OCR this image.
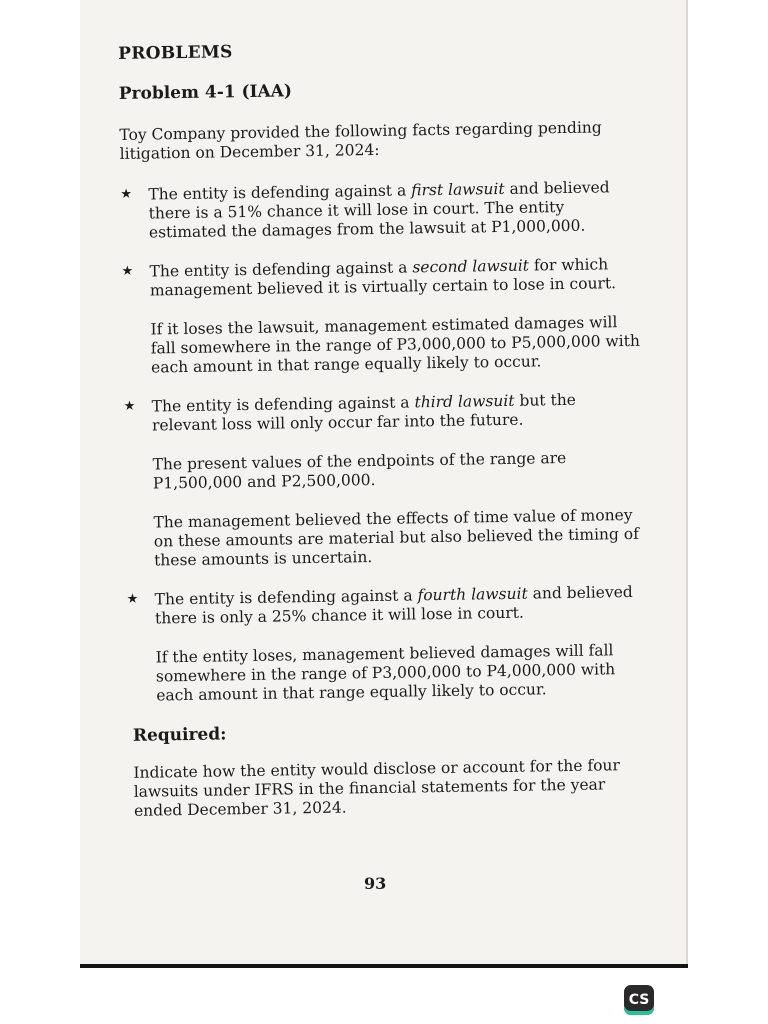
PROBLEMS
Problem 4-1 (IAA)

Toy Company provided the following facts regarding pending litigation on December 31, 2024:

★ The entity is defending against a first lawsuit and believed there is a 51% chance it will lose in court. The entity estimated the damages from the lawsuit at P1,000,000.

★ The entity is defending against a second lawsuit for which management believed it is virtually certain to lose in court.

If it loses the lawsuit, management estimated damages will fall somewhere in the range of P3,000,000 to P5,000,000 with each amount in that range equally likely to occur.

★ The entity is defending against a third lawsuit but the relevant loss will only occur far into the future.

The present values of the endpoints of the range are P1,500,000 and P2,500,000.

The management believed the effects of time value of money on these amounts are material but also believed the timing of these amounts is uncertain.

★ The entity is defending against a fourth lawsuit and believed there is only a 25% chance it will lose in court.

If the entity loses, management believed damages will fall somewhere in the range of P3,000,000 to P4,000,000 with each amount in that range equally likely to occur.

Required:

Indicate how the entity would disclose or account for the four lawsuits under IFRS in the financial statements for the year ended December 31, 2024.

93
CS
